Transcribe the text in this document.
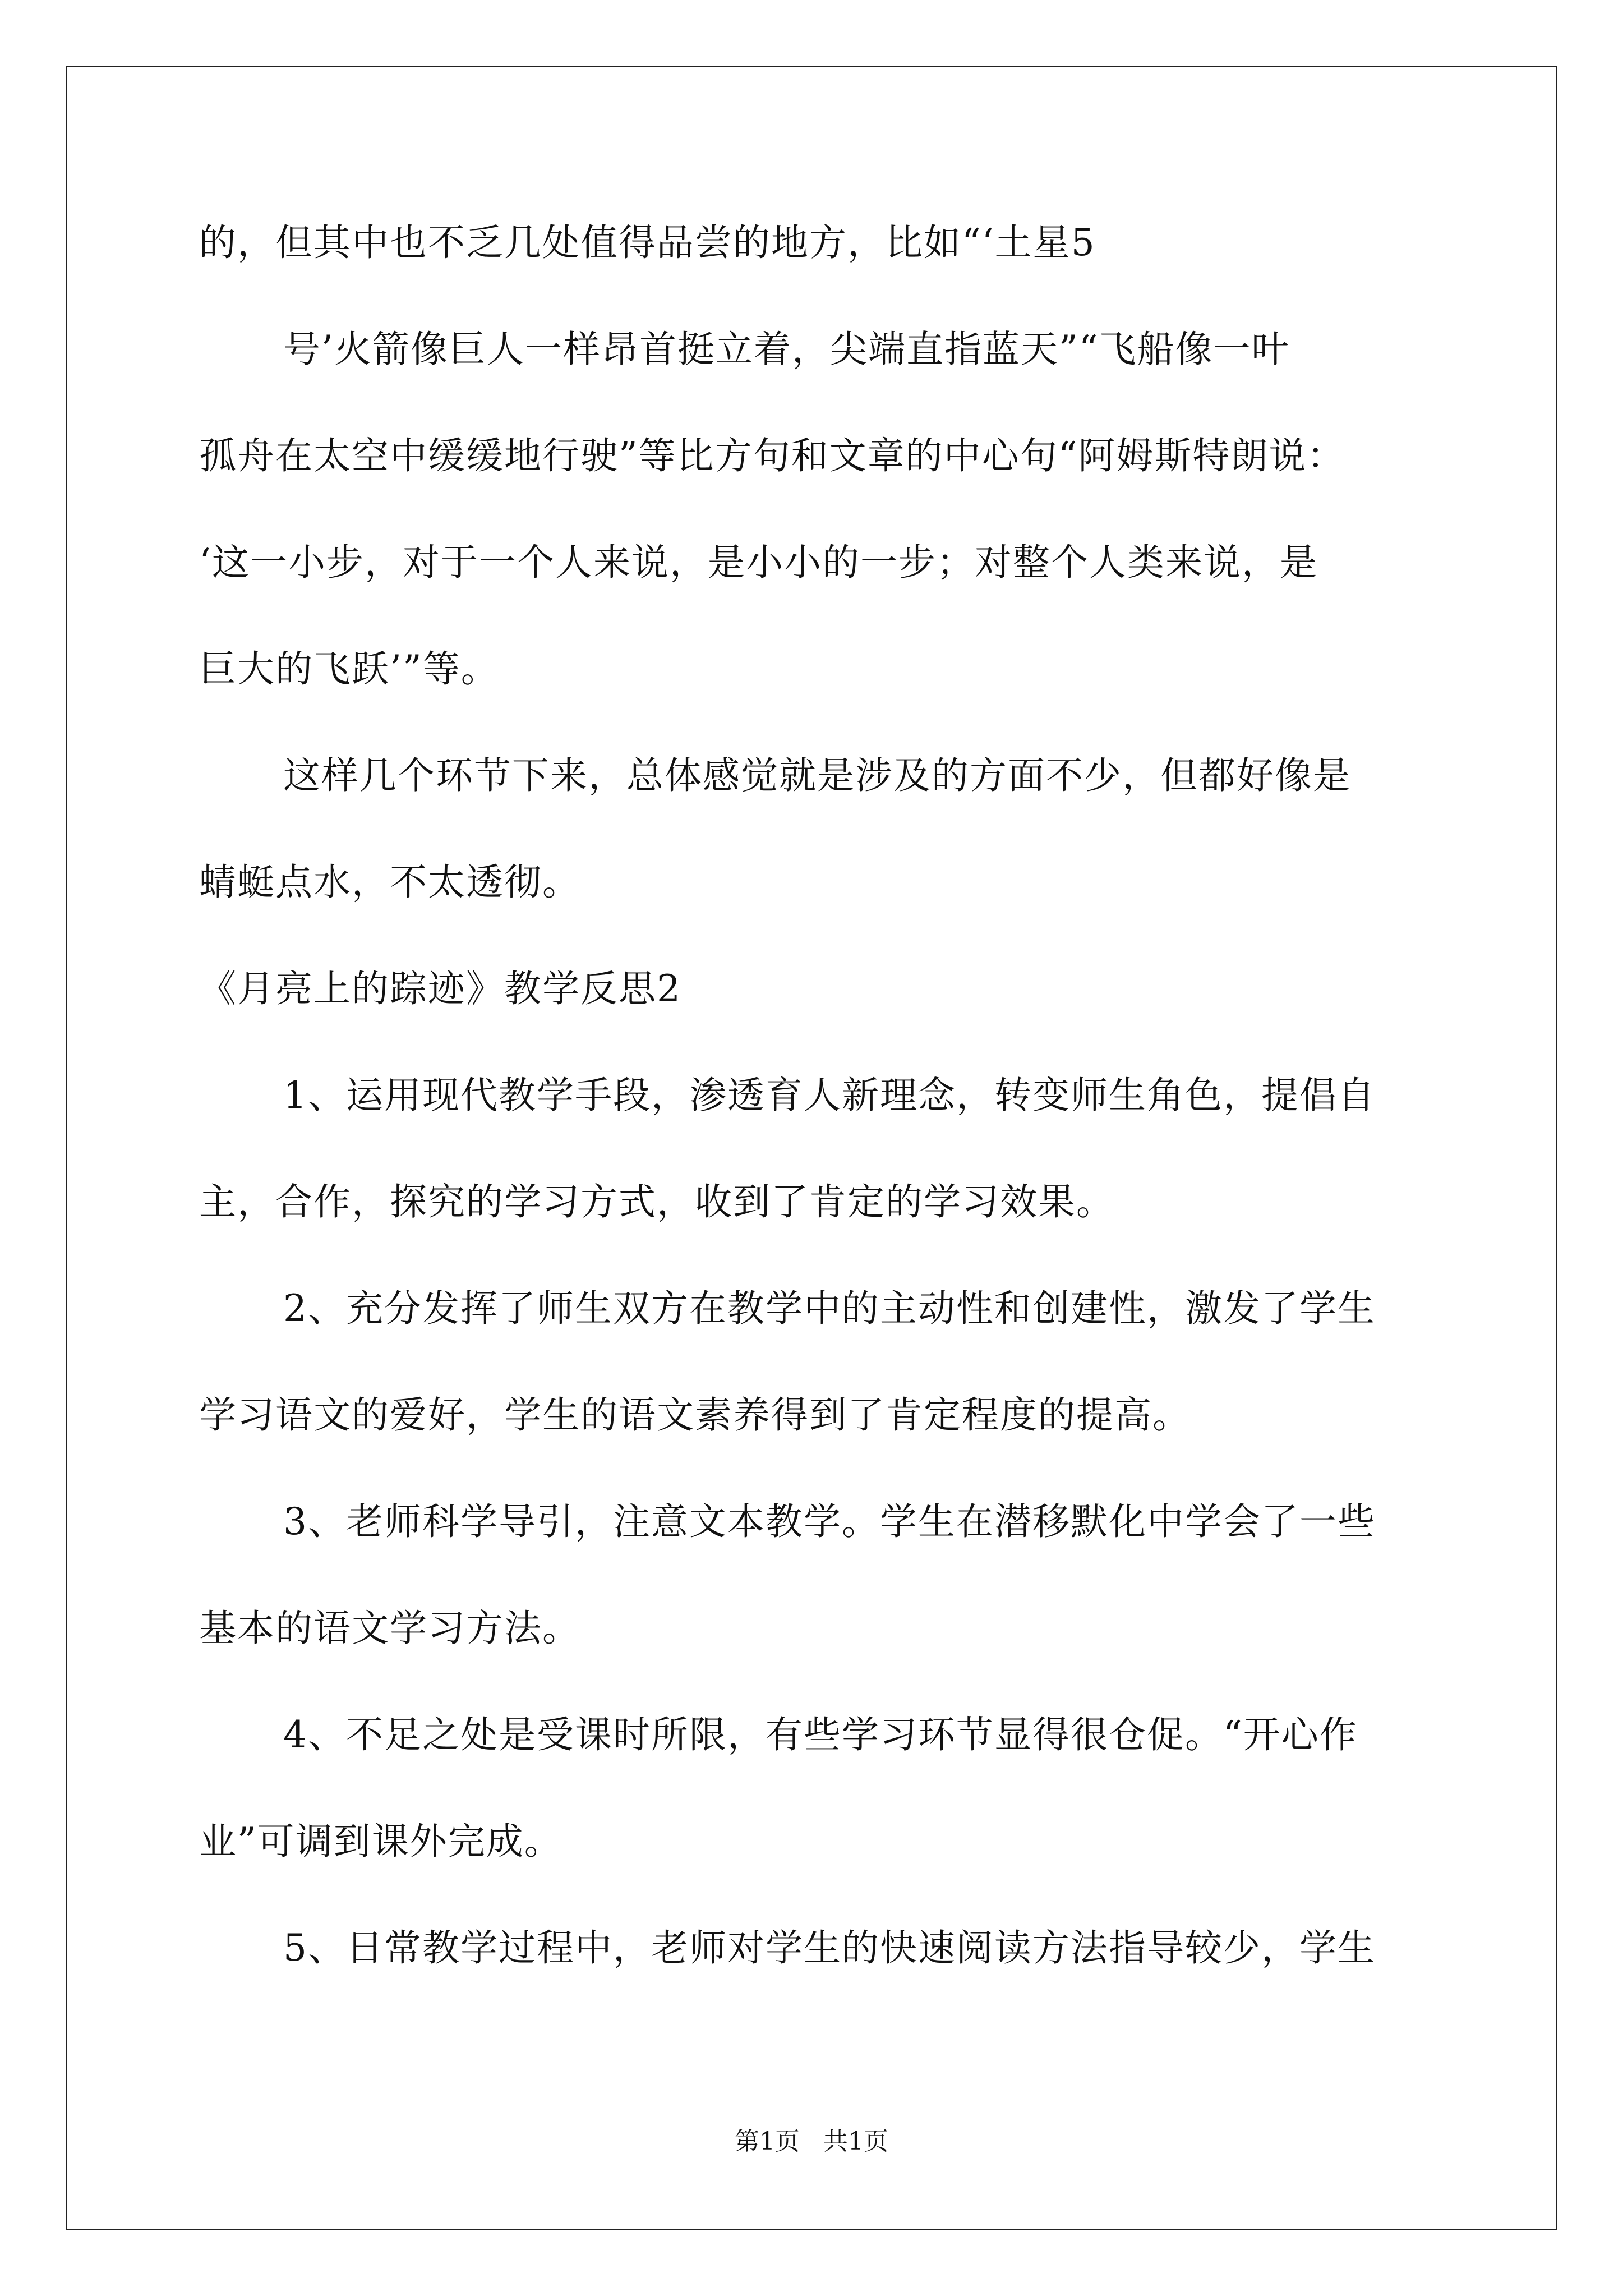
的，但其中也不乏几处值得品尝的地方，比如“‘土星5
号’火箭像巨人一样昂首挺立着，尖端直指蓝天”“飞船像一叶
孤舟在太空中缓缓地行驶”等比方句和文章的中心句“阿姆斯特朗说：
‘这一小步，对于一个人来说，是小小的一步；对整个人类来说，是
巨大的飞跃’”等。
这样几个环节下来，总体感觉就是涉及的方面不少，但都好像是
蜻蜓点水，不太透彻。
《月亮上的踪迹》教学反思2
1、运用现代教学手段，渗透育人新理念，转变师生角色，提倡自
主，合作，探究的学习方式，收到了肯定的学习效果。
2、充分发挥了师生双方在教学中的主动性和创建性，激发了学生
学习语文的爱好，学生的语文素养得到了肯定程度的提高。
3、老师科学导引，注意文本教学。学生在潜移默化中学会了一些
基本的语文学习方法。
4、不足之处是受课时所限，有些学习环节显得很仓促。“开心作
业”可调到课外完成。
5、日常教学过程中，老师对学生的快速阅读方法指导较少，学生
第1页   共1页
